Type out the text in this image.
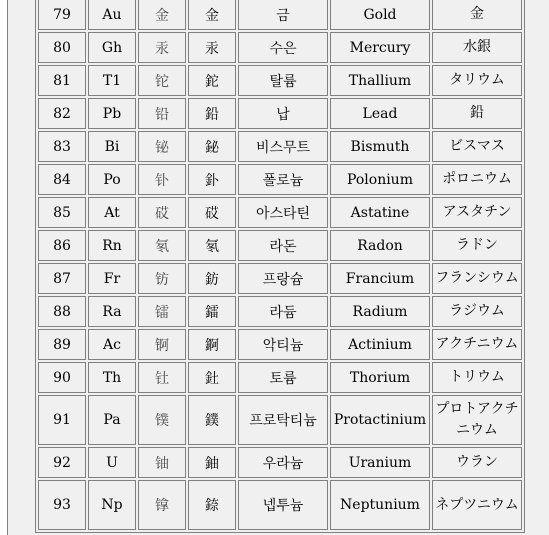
79	Au	金	金	금	Gold	金
80	Gh	汞	汞	수은	Mercury	水銀
81	T1	铊	鉈	탈륨	Thallium	タリウム
82	Pb	铅	鉛	납	Lead	鉛
83	Bi	铋	鉍	비스무트	Bismuth	ビスマス
84	Po	钋	釙	폴로늄	Polonium	ポロニウム
85	At	砹	砹	아스타틴	Astatine	アスタチン
86	Rn	氡	氡	라돈	Radon	ラドン
87	Fr	钫	鈁	프랑슘	Francium	フランシウム
88	Ra	镭	鐳	라듐	Radium	ラジウム
89	Ac	锕	錒	악티늄	Actinium	アクチニウム
90	Th	钍	釷	토륨	Thorium	トリウム
91	Pa	镤	鏷	프로탁티늄	Protactinium	プロトアクチニウム
92	U	铀	鈾	우라늄	Uranium	ウラン
93	Np	镎	錼	넵투늄	Neptunium	ネプツニウム
